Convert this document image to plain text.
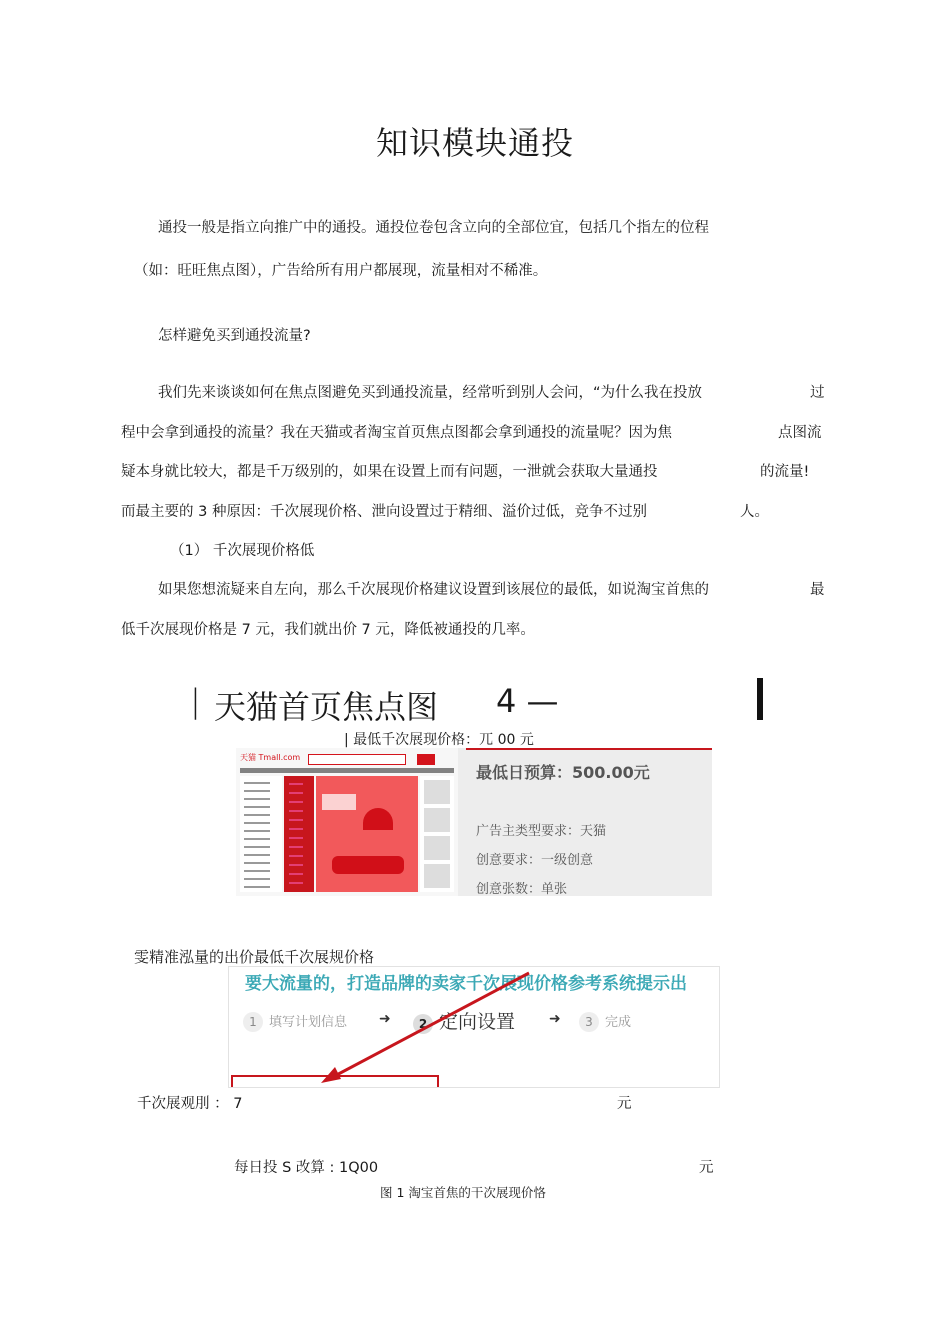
知识模块通投
通投一般是指立向推广中的通投。通投位卷包含立向的全部位宜，包括几个指左的位程
（如：旺旺焦点图），广告给所有用户都展现，流量相对不稀准。
怎样避免买到通投流量?
我们先来谈谈如何在焦点图避免买到通投流量，经常听到别人会问，“为什么我在投放	过
程中会拿到通投的流量？我在天猫或者淘宝首页焦点图都会拿到通投的流量呢？因为焦	点图流
疑本身就比较大，都是千万级别的，如果在设置上而有问题，一泄就会获取大量通投	的流量!
而最主要的 3 种原因：千次展现价格、泄向设置过于精细、溢价过低，竞争不过别	人。
（1） 千次展现价格低
如果您想流疑来自左向，那么千次展现价格建议设置到该展位的最低，如说淘宝首焦的	最
低千次展现价格是 7 元，我们就出价 7 元，降低被通投的几率。
| 天猫首页焦点图 4 —
| 最低千次展现价格：兀 00 元
天猫 Tmall.com
最低日预算：500.00元
广告主类型要求：天猫
创意要求：一级创意
创意张数：单张
雯精准泓量的出价最低千次展规价格
要大流量的，打造品牌的卖家千次展现价格参考系统提示出
1 填写计划信息 ➜	2 定向设置 ➜	3 完成
千次展观刖 ： 7	元
每日投 S 改算 : 1Q00	元
图 1 淘宝首焦的干次展现价恪
